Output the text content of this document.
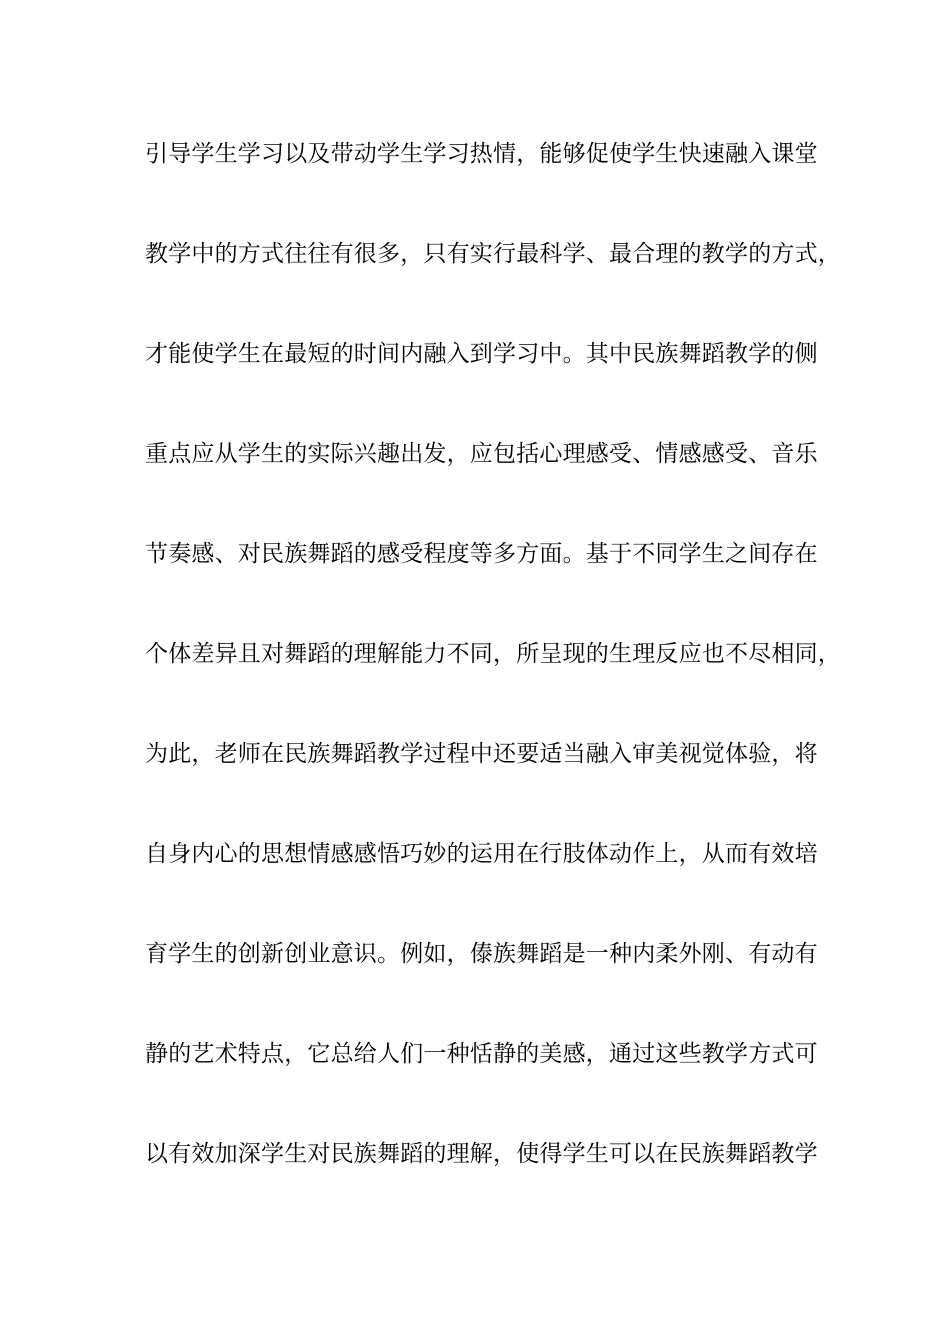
引导学生学习以及带动学生学习热情，能够促使学生快速融入课堂
教学中的方式往往有很多，只有实行最科学、最合理的教学的方式，
才能使学生在最短的时间内融入到学习中。其中民族舞蹈教学的侧
重点应从学生的实际兴趣出发，应包括心理感受、情感感受、音乐
节奏感、对民族舞蹈的感受程度等多方面。基于不同学生之间存在
个体差异且对舞蹈的理解能力不同，所呈现的生理反应也不尽相同，
为此，老师在民族舞蹈教学过程中还要适当融入审美视觉体验，将
自身内心的思想情感感悟巧妙的运用在行肢体动作上，从而有效培
育学生的创新创业意识。例如，傣族舞蹈是一种内柔外刚、有动有
静的艺术特点，它总给人们一种恬静的美感，通过这些教学方式可
以有效加深学生对民族舞蹈的理解，使得学生可以在民族舞蹈教学
